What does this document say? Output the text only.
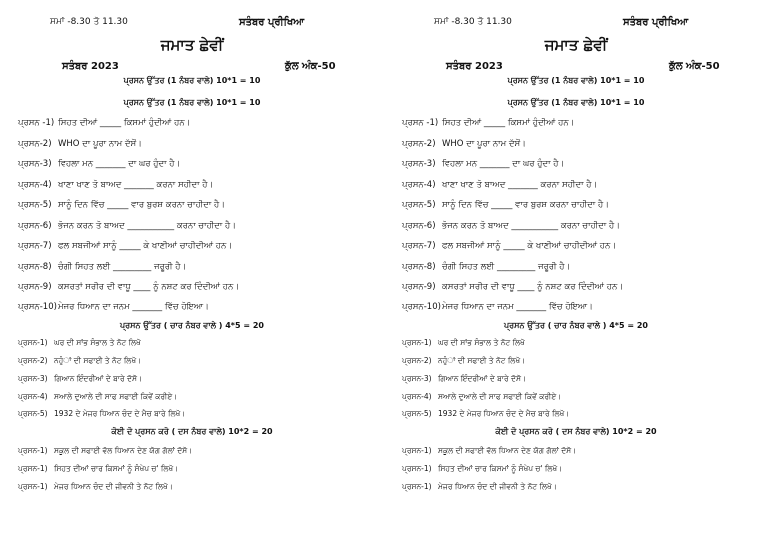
ਸਮਾਂ -8.30 ਤੋ 11.30	ਸਤੰਬਰ ਪ੍ਰੀਖਿਆ
ਜਮਾਤ ਛੇਵੀਂ
ਸਤੰਬਰ 2023	ਕੁੱਲ ਅੰਕ-50
ਪ੍ਰਸਨ ਉੱਤਰ (1 ਨੰਬਰ ਵਾਲੇ) 10*1 = 10
ਪ੍ਰਸਨ ਉੱਤਰ (1 ਨੰਬਰ ਵਾਲੇ) 10*1 = 10
ਪ੍ਰਸਨ -1) ਸਿਹਤ ਦੀਆਂ _____ ਕਿਸਮਾਂ ਹੁੰਦੀਆਂ ਹਨ।
ਪ੍ਰਸਨ-2) WHO ਦਾ ਪੂਰਾ ਨਾਮ ਦੱਸੋਂ।
ਪ੍ਰਸਨ-3) ਵਿਹਲਾ ਮਨ _______ ਦਾ ਘਰ ਹੁੰਦਾ ਹੈ।
ਪ੍ਰਸਨ-4) ਖਾਣਾ ਖਾਣ ਤੋ ਬਾਅਦ _______ ਕਰਨਾ ਸਹੀਦਾ ਹੈ।
ਪ੍ਰਸਨ-5) ਸਾਨੂੰ ਦਿਨ ਵਿੱਚ _____ ਵਾਰ ਬੁਰਸ਼ ਕਰਨਾ ਚਾਹੀਦਾ ਹੈ।
ਪ੍ਰਸਨ-6) ਭੋਜਨ ਕਰਨ ਤੋ ਬਾਅਦ ___________ ਕਰਨਾ ਚਾਹੀਦਾ ਹੈ।
ਪ੍ਰਸਨ-7) ਫਲ ਸਬਜੀਆਂ ਸਾਨੂੰ _____ ਕੇ ਖਾਣੀਆਂ ਚਾਹੀਦੀਆਂ ਹਨ।
ਪ੍ਰਸਨ-8) ਚੰਗੀ ਸਿਹਤ ਲਈ _________ ਜਰੂਰੀ ਹੈ।
ਪ੍ਰਸਨ-9) ਕਸਰਤਾਂ ਸਰੀਰ ਦੀ ਵਾਧੂ ____ ਨੂੰ ਨਸ਼ਟ ਕਰ ਦਿੰਦੀਆਂ ਹਨ।
ਪ੍ਰਸਨ-10)ਮੇਜਰ ਧਿਆਨ ਦਾ ਜਨਮ _______ ਵਿੱਚ ਹੋਇਆ।
ਪ੍ਰਸਨ ਉੱਤਰ ( ਚਾਰ ਨੰਬਰ ਵਾਲੇ ) 4*5 = 20
ਪ੍ਰਸਨ-1) ਘਰ ਦੀ ਸਾਂਭ ਸੰਭਾਲ ਤੇ ਨੋਟ ਲਿਖੋ
ਪ੍ਰਸਨ-2) ਨਹੁੰਾਂ ਦੀ ਸਫਾਈ ਤੇ ਨੋਟ ਲਿਖੋ।
ਪ੍ਰਸਨ-3) ਗਿਆਨ ਇੰਦਰੀਆਂ ਦੇ ਬਾਰੇ ਦੱਸੋ।
ਪ੍ਰਸਨ-4) ਸਆਲੇ ਦੁਆਲੇ ਦੀ ਸਾਫ ਸਫਾਈ ਕਿਵੇਂ ਕਰੀਏ।
ਪ੍ਰਸਨ-5) 1932 ਦੇ ਮੇਜਰ ਧਿਆਨ ਚੰਦ ਦੇ ਮੈਚ ਬਾਰੇ ਲਿਖੋ।
ਕੋਈ ਦੋ ਪ੍ਰਸਨ ਕਰੋ ( ਦਸ ਨੰਬਰ ਵਾਲੇ) 10*2 = 20
ਪ੍ਰਸਨ-1) ਸਕੂਲ ਦੀ ਸਫਾਈ ਵੱਲ ਧਿਆਨ ਦੇਣ ਯੋਗ ਗੱਲਾਂ ਦੱਸੋ।
ਪ੍ਰਸਨ-1) ਸਿਹਤ ਦੀਆਂ ਚਾਰ ਕਿਸਮਾਂ ਨੂੰ ਸੰਖੇਪ ਚ' ਲਿਖੋ।
ਪ੍ਰਸਨ-1) ਮੇਜਰ ਧਿਆਨ ਚੰਦ ਦੀ ਜੀਵਨੀ ਤੇ ਨੋਟ ਲਿਖੋ।
ਸਮਾਂ -8.30 ਤੋ 11.30	ਸਤੰਬਰ ਪ੍ਰੀਖਿਆ
ਜਮਾਤ ਛੇਵੀਂ
ਸਤੰਬਰ 2023	ਕੁੱਲ ਅੰਕ-50
ਪ੍ਰਸਨ ਉੱਤਰ (1 ਨੰਬਰ ਵਾਲੇ) 10*1 = 10
ਪ੍ਰਸਨ ਉੱਤਰ (1 ਨੰਬਰ ਵਾਲੇ) 10*1 = 10
ਪ੍ਰਸਨ -1) ਸਿਹਤ ਦੀਆਂ _____ ਕਿਸਮਾਂ ਹੁੰਦੀਆਂ ਹਨ।
ਪ੍ਰਸਨ-2) WHO ਦਾ ਪੂਰਾ ਨਾਮ ਦੱਸੋਂ।
ਪ੍ਰਸਨ-3) ਵਿਹਲਾ ਮਨ _______ ਦਾ ਘਰ ਹੁੰਦਾ ਹੈ।
ਪ੍ਰਸਨ-4) ਖਾਣਾ ਖਾਣ ਤੋ ਬਾਅਦ _______ ਕਰਨਾ ਸਹੀਦਾ ਹੈ।
ਪ੍ਰਸਨ-5) ਸਾਨੂੰ ਦਿਨ ਵਿੱਚ _____ ਵਾਰ ਬੁਰਸ਼ ਕਰਨਾ ਚਾਹੀਦਾ ਹੈ।
ਪ੍ਰਸਨ-6) ਭੋਜਨ ਕਰਨ ਤੋ ਬਾਅਦ ___________ ਕਰਨਾ ਚਾਹੀਦਾ ਹੈ।
ਪ੍ਰਸਨ-7) ਫਲ ਸਬਜੀਆਂ ਸਾਨੂੰ _____ ਕੇ ਖਾਣੀਆਂ ਚਾਹੀਦੀਆਂ ਹਨ।
ਪ੍ਰਸਨ-8) ਚੰਗੀ ਸਿਹਤ ਲਈ _________ ਜਰੂਰੀ ਹੈ।
ਪ੍ਰਸਨ-9) ਕਸਰਤਾਂ ਸਰੀਰ ਦੀ ਵਾਧੂ ____ ਨੂੰ ਨਸ਼ਟ ਕਰ ਦਿੰਦੀਆਂ ਹਨ।
ਪ੍ਰਸਨ-10)ਮੇਜਰ ਧਿਆਨ ਦਾ ਜਨਮ _______ ਵਿੱਚ ਹੋਇਆ।
ਪ੍ਰਸਨ ਉੱਤਰ ( ਚਾਰ ਨੰਬਰ ਵਾਲੇ ) 4*5 = 20
ਪ੍ਰਸਨ-1) ਘਰ ਦੀ ਸਾਂਭ ਸੰਭਾਲ ਤੇ ਨੋਟ ਲਿਖੋ
ਪ੍ਰਸਨ-2) ਨਹੁੰਾਂ ਦੀ ਸਫਾਈ ਤੇ ਨੋਟ ਲਿਖੋ।
ਪ੍ਰਸਨ-3) ਗਿਆਨ ਇੰਦਰੀਆਂ ਦੇ ਬਾਰੇ ਦੱਸੋ।
ਪ੍ਰਸਨ-4) ਸਆਲੇ ਦੁਆਲੇ ਦੀ ਸਾਫ ਸਫਾਈ ਕਿਵੇਂ ਕਰੀਏ।
ਪ੍ਰਸਨ-5) 1932 ਦੇ ਮੇਜਰ ਧਿਆਨ ਚੰਦ ਦੇ ਮੈਚ ਬਾਰੇ ਲਿਖੋ।
ਕੋਈ ਦੋ ਪ੍ਰਸਨ ਕਰੋ ( ਦਸ ਨੰਬਰ ਵਾਲੇ) 10*2 = 20
ਪ੍ਰਸਨ-1) ਸਕੂਲ ਦੀ ਸਫਾਈ ਵੱਲ ਧਿਆਨ ਦੇਣ ਯੋਗ ਗੱਲਾਂ ਦੱਸੋ।
ਪ੍ਰਸਨ-1) ਸਿਹਤ ਦੀਆਂ ਚਾਰ ਕਿਸਮਾਂ ਨੂੰ ਸੰਖੇਪ ਚ' ਲਿਖੋ।
ਪ੍ਰਸਨ-1) ਮੇਜਰ ਧਿਆਨ ਚੰਦ ਦੀ ਜੀਵਨੀ ਤੇ ਨੋਟ ਲਿਖੋ।
